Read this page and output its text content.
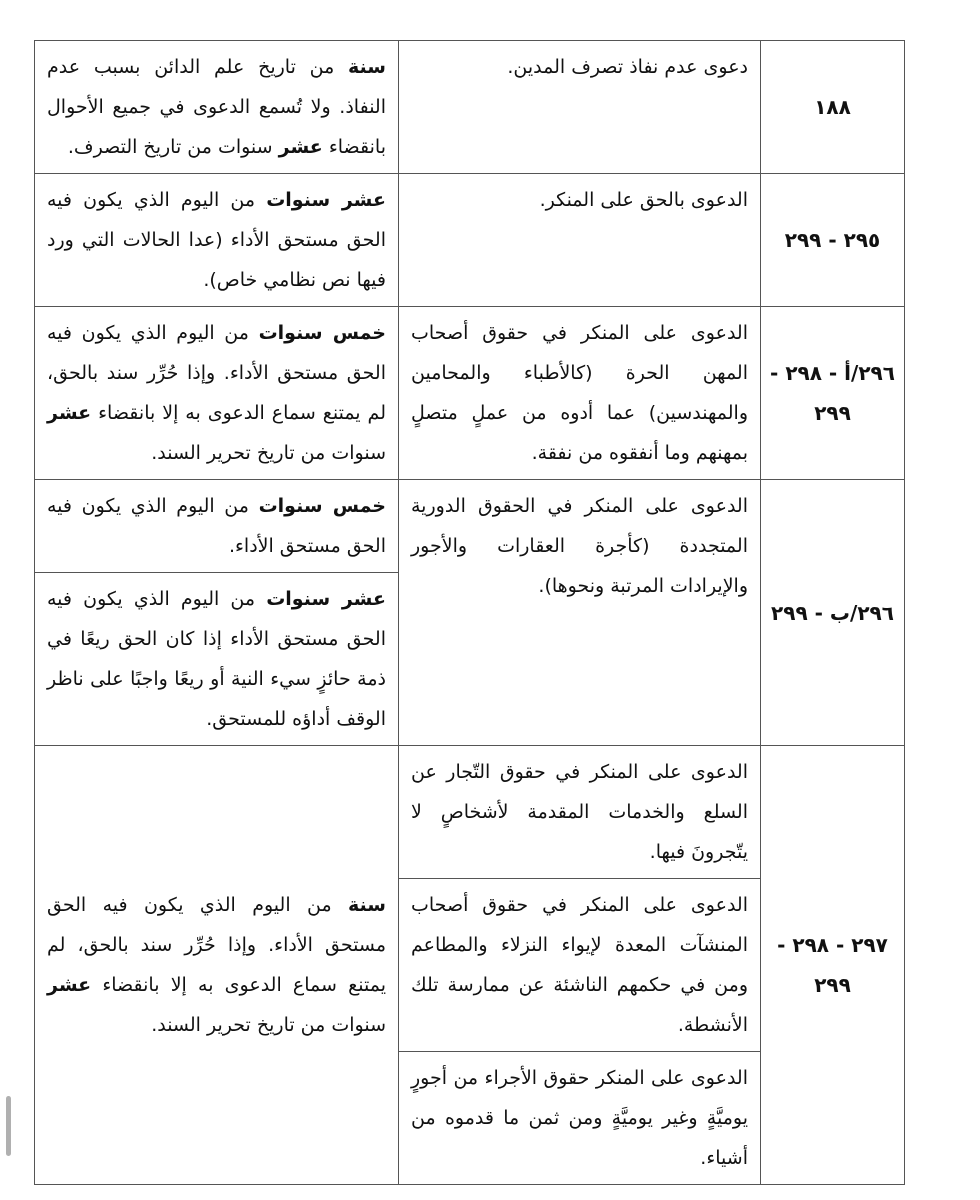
١٨٨	دعوى عدم نفاذ تصرف المدين.	سنة من تاريخ علم الدائن بسبب عدم النفاذ. ولا تُسمع الدعوى في جميع الأحوال بانقضاء عشر سنوات من تاريخ التصرف.
٢٩٥ - ٢٩٩	الدعوى بالحق على المنكر.	عشر سنوات من اليوم الذي يكون فيه الحق مستحق الأداء (عدا الحالات التي ورد فيها نص نظامي خاص).
٢٩٦/أ - ٢٩٨ - ٢٩٩	الدعوى على المنكر في حقوق أصحاب المهن الحرة (كالأطباء والمحامين والمهندسين) عما أدوه من عملٍ متصلٍ بمهنهم وما أنفقوه من نفقة.	خمس سنوات من اليوم الذي يكون فيه الحق مستحق الأداء. وإذا حُرِّر سند بالحق، لم يمتنع سماع الدعوى به إلا بانقضاء عشر سنوات من تاريخ تحرير السند.
٢٩٦/ب - ٢٩٩	الدعوى على المنكر في الحقوق الدورية المتجددة (كأجرة العقارات والأجور والإيرادات المرتبة ونحوها).	خمس سنوات من اليوم الذي يكون فيه الحق مستحق الأداء.
		عشر سنوات من اليوم الذي يكون فيه الحق مستحق الأداء إذا كان الحق ريعًا في ذمة حائزٍ سيء النية أو ريعًا واجبًا على ناظر الوقف أداؤه للمستحق.
٢٩٧ - ٢٩٨ - ٢٩٩	الدعوى على المنكر في حقوق التّجار عن السلع والخدمات المقدمة لأشخاصٍ لا يتّجرونَ فيها.	سنة من اليوم الذي يكون فيه الحق مستحق الأداء. وإذا حُرِّر سند بالحق، لم يمتنع سماع الدعوى به إلا بانقضاء عشر سنوات من تاريخ تحرير السند.
	الدعوى على المنكر في حقوق أصحاب المنشآت المعدة لإيواء النزلاء والمطاعم ومن في حكمهم الناشئة عن ممارسة تلك الأنشطة.	
	الدعوى على المنكر حقوق الأجراء من أجورٍ يوميَّةٍ وغير يوميَّةٍ ومن ثمن ما قدموه من أشياء.	
